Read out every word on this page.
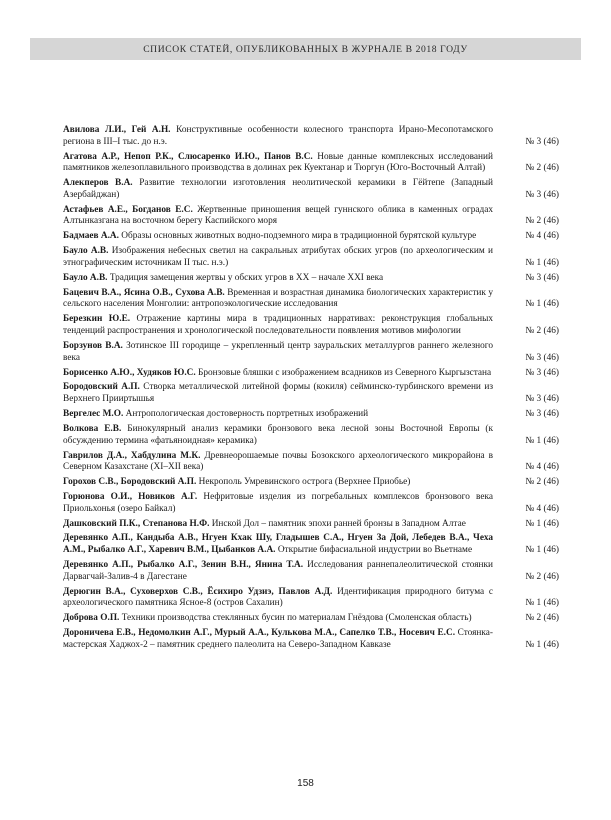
СПИСОК СТАТЕЙ, ОПУБЛИКОВАННЫХ В ЖУРНАЛЕ В 2018 ГОДУ
Авилова Л.И., Гей А.Н. Конструктивные особенности колесного транспорта Ирано-Месопотамского региона в III–I тыс. до н.э.	№ 3 (46)
Агатова А.Р., Непоп Р.К., Слюсаренко И.Ю., Панов В.С. Новые данные комплексных исследований памятников железоплавильного производства в долинах рек Куектанар и Тюргун (Юго-Восточный Алтай)	№ 2 (46)
Алекперов В.А. Развитие технологии изготовления неолитической керамики в Гёйтепе (Западный Азербайджан)	№ 3 (46)
Астафьев А.Е., Богданов Е.С. Жертвенные приношения вещей гуннского облика в каменных оградах Алтынказгана на восточном берегу Каспийского моря	№ 2 (46)
Бадмаев А.А. Образы основных животных водно-подземного мира в традиционной бурятской культуре	№ 4 (46)
Бауло А.В. Изображения небесных светил на сакральных атрибутах обских угров (по археологическим и этнографическим источникам II тыс. н.э.)	№ 1 (46)
Бауло А.В. Традиция замещения жертвы у обских угров в XX – начале XXI века	№ 3 (46)
Бацевич В.А., Ясина О.В., Сухова А.В. Временная и возрастная динамика биологических характеристик у сельского населения Монголии: антропоэкологические исследования	№ 1 (46)
Березкин Ю.Е. Отражение картины мира в традиционных нарративах: реконструкция глобальных тенденций распространения и хронологической последовательности появления мотивов мифологии	№ 2 (46)
Борзунов В.А. Зотинское III городище – укрепленный центр зауральских металлургов раннего железного века	№ 3 (46)
Борисенко А.Ю., Худяков Ю.С. Бронзовые бляшки с изображением всадников из Северного Кыргызстана	№ 3 (46)
Бородовский А.П. Створка металлической литейной формы (кокиля) сейминско-турбинского времени из Верхнего Прииртышья	№ 3 (46)
Вергелес М.О. Антропологическая достоверность портретных изображений	№ 3 (46)
Волкова Е.В. Бинокулярный анализ керамики бронзового века лесной зоны Восточной Европы (к обсуждению термина «фатьяноидная» керамика)	№ 1 (46)
Гаврилов Д.А., Хабдулина М.К. Древнеорошаемые почвы Бозокского археологического микрорайона в Северном Казахстане (XI–XII века)	№ 4 (46)
Горохов С.В., Бородовский А.П. Некрополь Умревинского острога (Верхнее Приобье)	№ 2 (46)
Горюнова О.И., Новиков А.Г. Нефритовые изделия из погребальных комплексов бронзового века Приольхонья (озеро Байкал)	№ 4 (46)
Дашковский П.К., Степанова Н.Ф. Инской Дол – памятник эпохи ранней бронзы в Западном Алтае	№ 1 (46)
Деревянко А.П., Кандыба А.В., Нгуен Кхак Шу, Гладышев С.А., Нгуен За Дой, Лебедев В.А., Чеха А.М., Рыбалко А.Г., Харевич В.М., Цыбанков А.А. Открытие бифасиальной индустрии во Вьетнаме	№ 1 (46)
Деревянко А.П., Рыбалко А.Г., Зенин В.Н., Янина Т.А. Исследования раннепалеолитической стоянки Дарвагчай-Залив-4 в Дагестане	№ 2 (46)
Дерюгин В.А., Суховерхов С.В., Ёсихиро Удзиэ, Павлов А.Д. Идентификация природного битума с археологического памятника Ясное-8 (остров Сахалин)	№ 1 (46)
Доброва О.П. Техники производства стеклянных бусин по материалам Гнёздова (Смоленская область)	№ 2 (46)
Дороничева Е.В., Недомолкин А.Г., Мурый А.А., Кулькова М.А., Сапелко Т.В., Носевич Е.С. Стоянка-мастерская Хаджох-2 – памятник среднего палеолита на Северо-Западном Кавказе	№ 1 (46)
158
